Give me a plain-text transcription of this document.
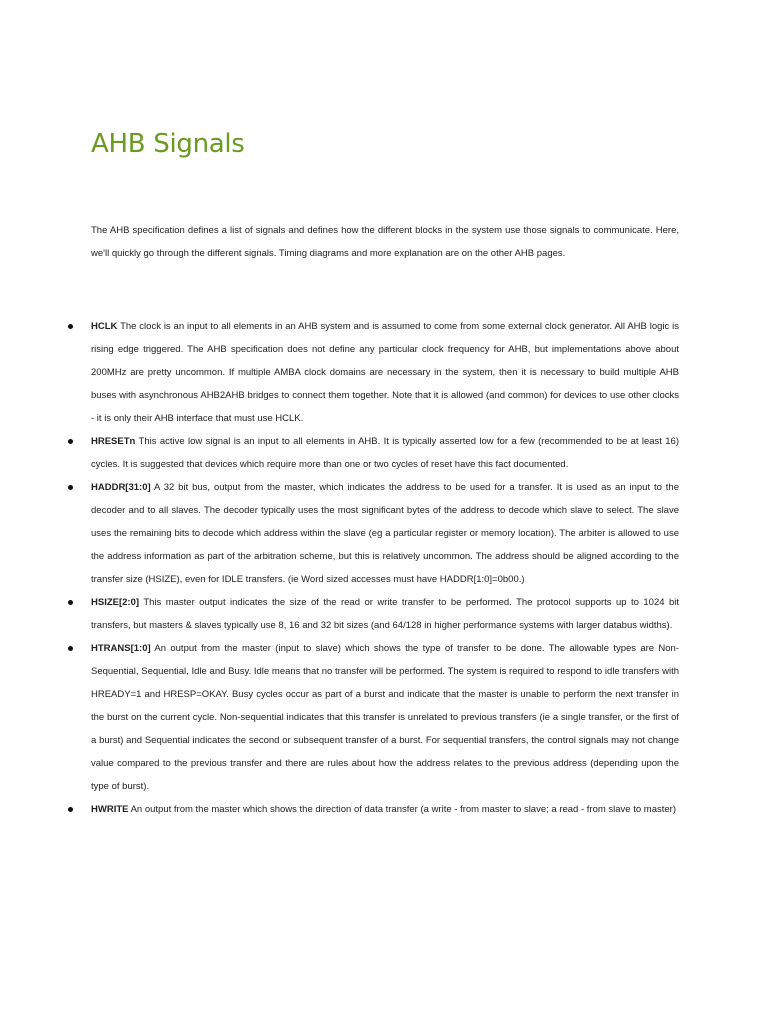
AHB Signals

The AHB specification defines a list of signals and defines how the different blocks in the system use those signals to communicate. Here, we'll quickly go through the different signals. Timing diagrams and more explanation are on the other AHB pages.

HCLK The clock is an input to all elements in an AHB system and is assumed to come from some external clock generator. All AHB logic is rising edge triggered. The AHB specification does not define any particular clock frequency for AHB, but implementations above about 200MHz are pretty uncommon. If multiple AMBA clock domains are necessary in the system, then it is necessary to build multiple AHB buses with asynchronous AHB2AHB bridges to connect them together. Note that it is allowed (and common) for devices to use other clocks - it is only their AHB interface that must use HCLK.
HRESETn This active low signal is an input to all elements in AHB. It is typically asserted low for a few (recommended to be at least 16) cycles. It is suggested that devices which require more than one or two cycles of reset have this fact documented.
HADDR[31:0] A 32 bit bus, output from the master, which indicates the address to be used for a transfer. It is used as an input to the decoder and to all slaves. The decoder typically uses the most significant bytes of the address to decode which slave to select. The slave uses the remaining bits to decode which address within the slave (eg a particular register or memory location). The arbiter is allowed to use the address information as part of the arbitration scheme, but this is relatively uncommon. The address should be aligned according to the transfer size (HSIZE), even for IDLE transfers. (ie Word sized accesses must have HADDR[1:0]=0b00.)
HSIZE[2:0] This master output indicates the size of the read or write transfer to be performed. The protocol supports up to 1024 bit transfers, but masters & slaves typically use 8, 16 and 32 bit sizes (and 64/128 in higher performance systems with larger databus widths).
HTRANS[1:0] An output from the master (input to slave) which shows the type of transfer to be done. The allowable types are Non-Sequential, Sequential, Idle and Busy. Idle means that no transfer will be performed. The system is required to respond to idle transfers with HREADY=1 and HRESP=OKAY. Busy cycles occur as part of a burst and indicate that the master is unable to perform the next transfer in the burst on the current cycle. Non-sequential indicates that this transfer is unrelated to previous transfers (ie a single transfer, or the first of a burst) and Sequential indicates the second or subsequent transfer of a burst. For sequential transfers, the control signals may not change value compared to the previous transfer and there are rules about how the address relates to the previous address (depending upon the type of burst).
HWRITE An output from the master which shows the direction of data transfer (a write - from master to slave; a read - from slave to master)
